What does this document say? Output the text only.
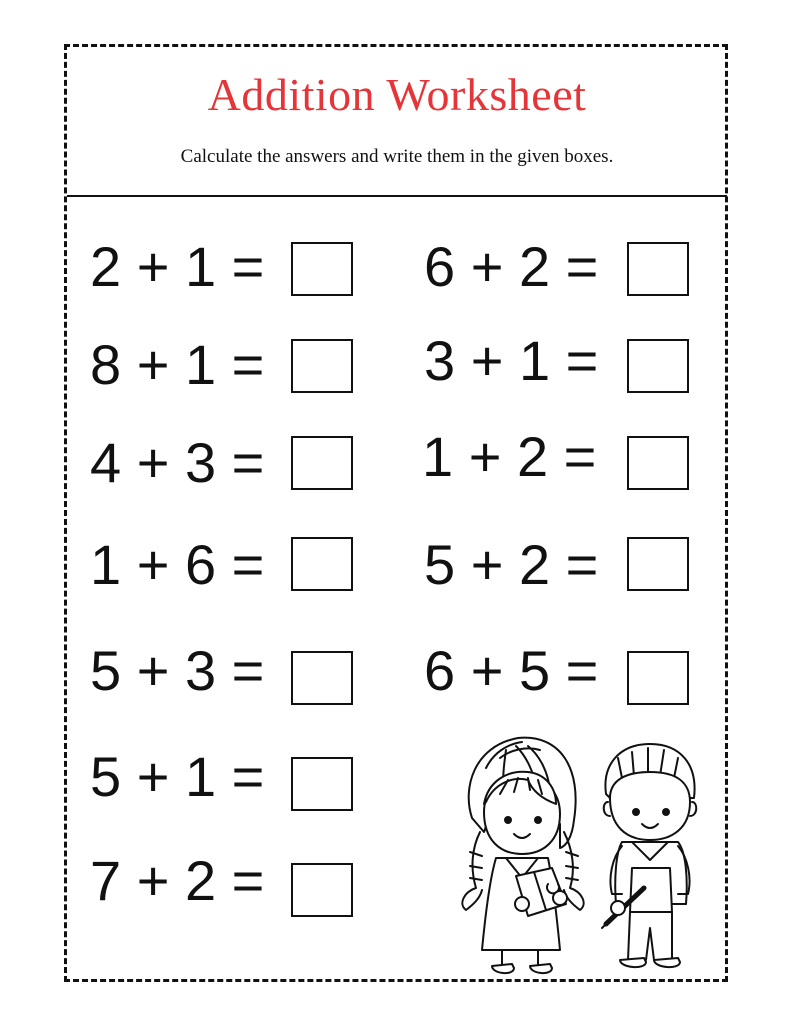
Addition Worksheet
Calculate the answers and write them in the given boxes.
2 + 1 =
8 + 1 =
4 + 3 =
1 + 6 =
5 + 3 =
5 + 1 =
7 + 2 =
6 + 2 =
3 + 1 =
1 + 2 =
5 + 2 =
6 + 5 =
